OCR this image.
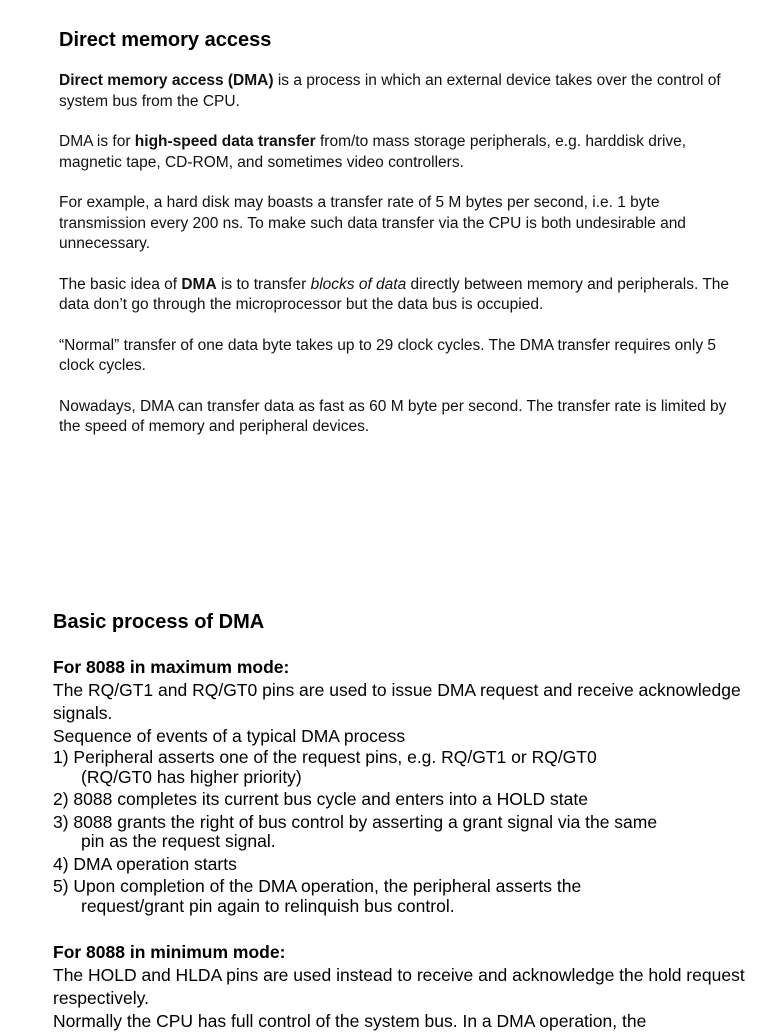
Direct memory access

Direct memory access (DMA) is a process in which an external device takes over the control of system bus from the CPU.

DMA is for high-speed data transfer from/to mass storage peripherals, e.g. harddisk drive, magnetic tape, CD-ROM, and sometimes video controllers.

For example, a hard disk may boasts a transfer rate of 5 M bytes per second, i.e. 1 byte transmission every 200 ns. To make such data transfer via the CPU is both undesirable and unnecessary.

The basic idea of DMA is to transfer blocks of data directly between memory and peripherals. The data don’t go through the microprocessor but the data bus is occupied.

“Normal” transfer of one data byte takes up to 29 clock cycles. The DMA transfer requires only 5 clock cycles.

Nowadays, DMA can transfer data as fast as 60 M byte per second. The transfer rate is limited by the speed of memory and peripheral devices.

Basic process of DMA

For 8088 in maximum mode:

The RQ/GT1 and RQ/GT0 pins are used to issue DMA request and receive acknowledge signals.

Sequence of events of a typical DMA process

1) Peripheral asserts one of the request pins, e.g. RQ/GT1 or RQ/GT0
(RQ/GT0 has higher priority)

2) 8088 completes its current bus cycle and enters into a HOLD state

3) 8088 grants the right of bus control by asserting a grant signal via the same
pin as the request signal.

4) DMA operation starts

5) Upon completion of the DMA operation, the peripheral asserts the
request/grant pin again to relinquish bus control.

For 8088 in minimum mode:

The HOLD and HLDA pins are used instead to receive and acknowledge the hold request respectively.

Normally the CPU has full control of the system bus. In a DMA operation, the
